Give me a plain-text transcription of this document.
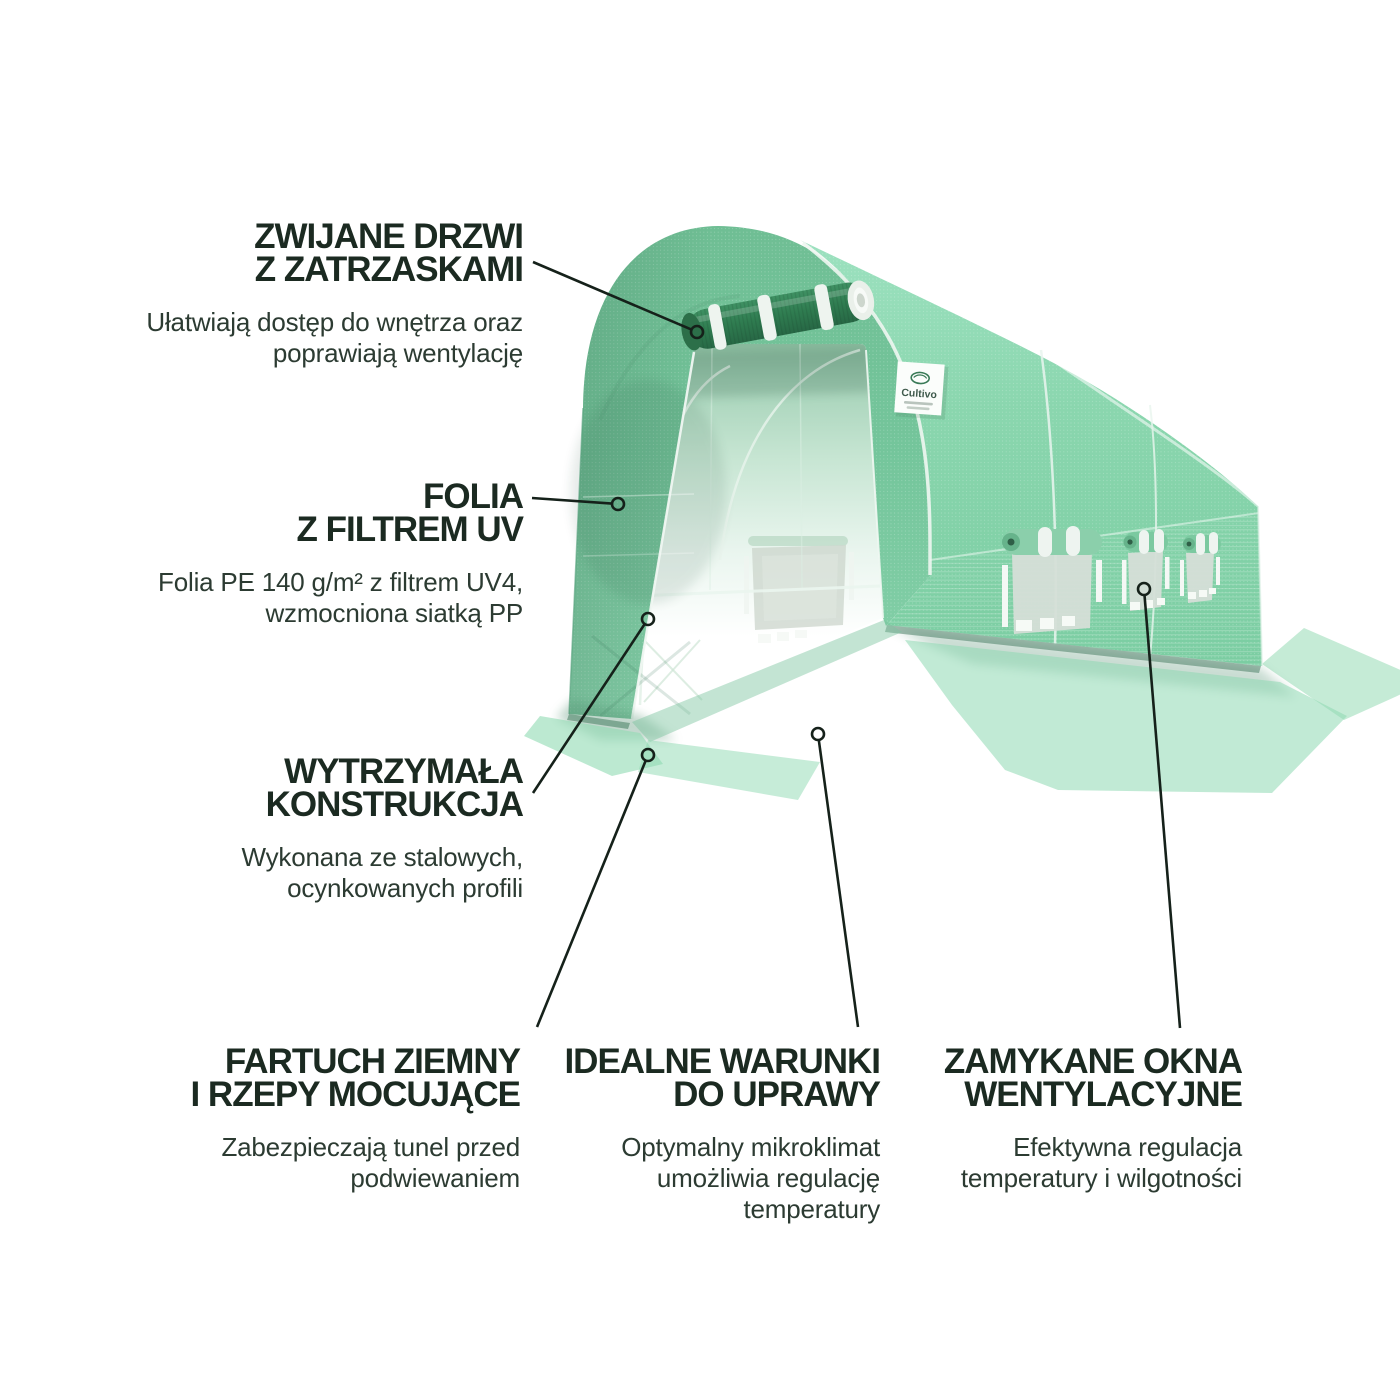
Cultivo
ZWIJANE DRZWI
Z ZATRZASKAMI

Ułatwiają dostęp do wnętrza oraz
poprawiają wentylację

FOLIA
Z FILTREM UV

Folia PE 140 g/m² z filtrem UV4,
wzmocniona siatką PP

WYTRZYMAŁA
KONSTRUKCJA

Wykonana ze stalowych,
ocynkowanych profili

FARTUCH ZIEMNY
I RZEPY MOCUJĄCE

Zabezpieczają tunel przed
podwiewaniem

IDEALNE WARUNKI
DO UPRAWY

Optymalny mikroklimat
umożliwia regulację
temperatury

ZAMYKANE OKNA
WENTYLACYJNE

Efektywna regulacja
temperatury i wilgotności
